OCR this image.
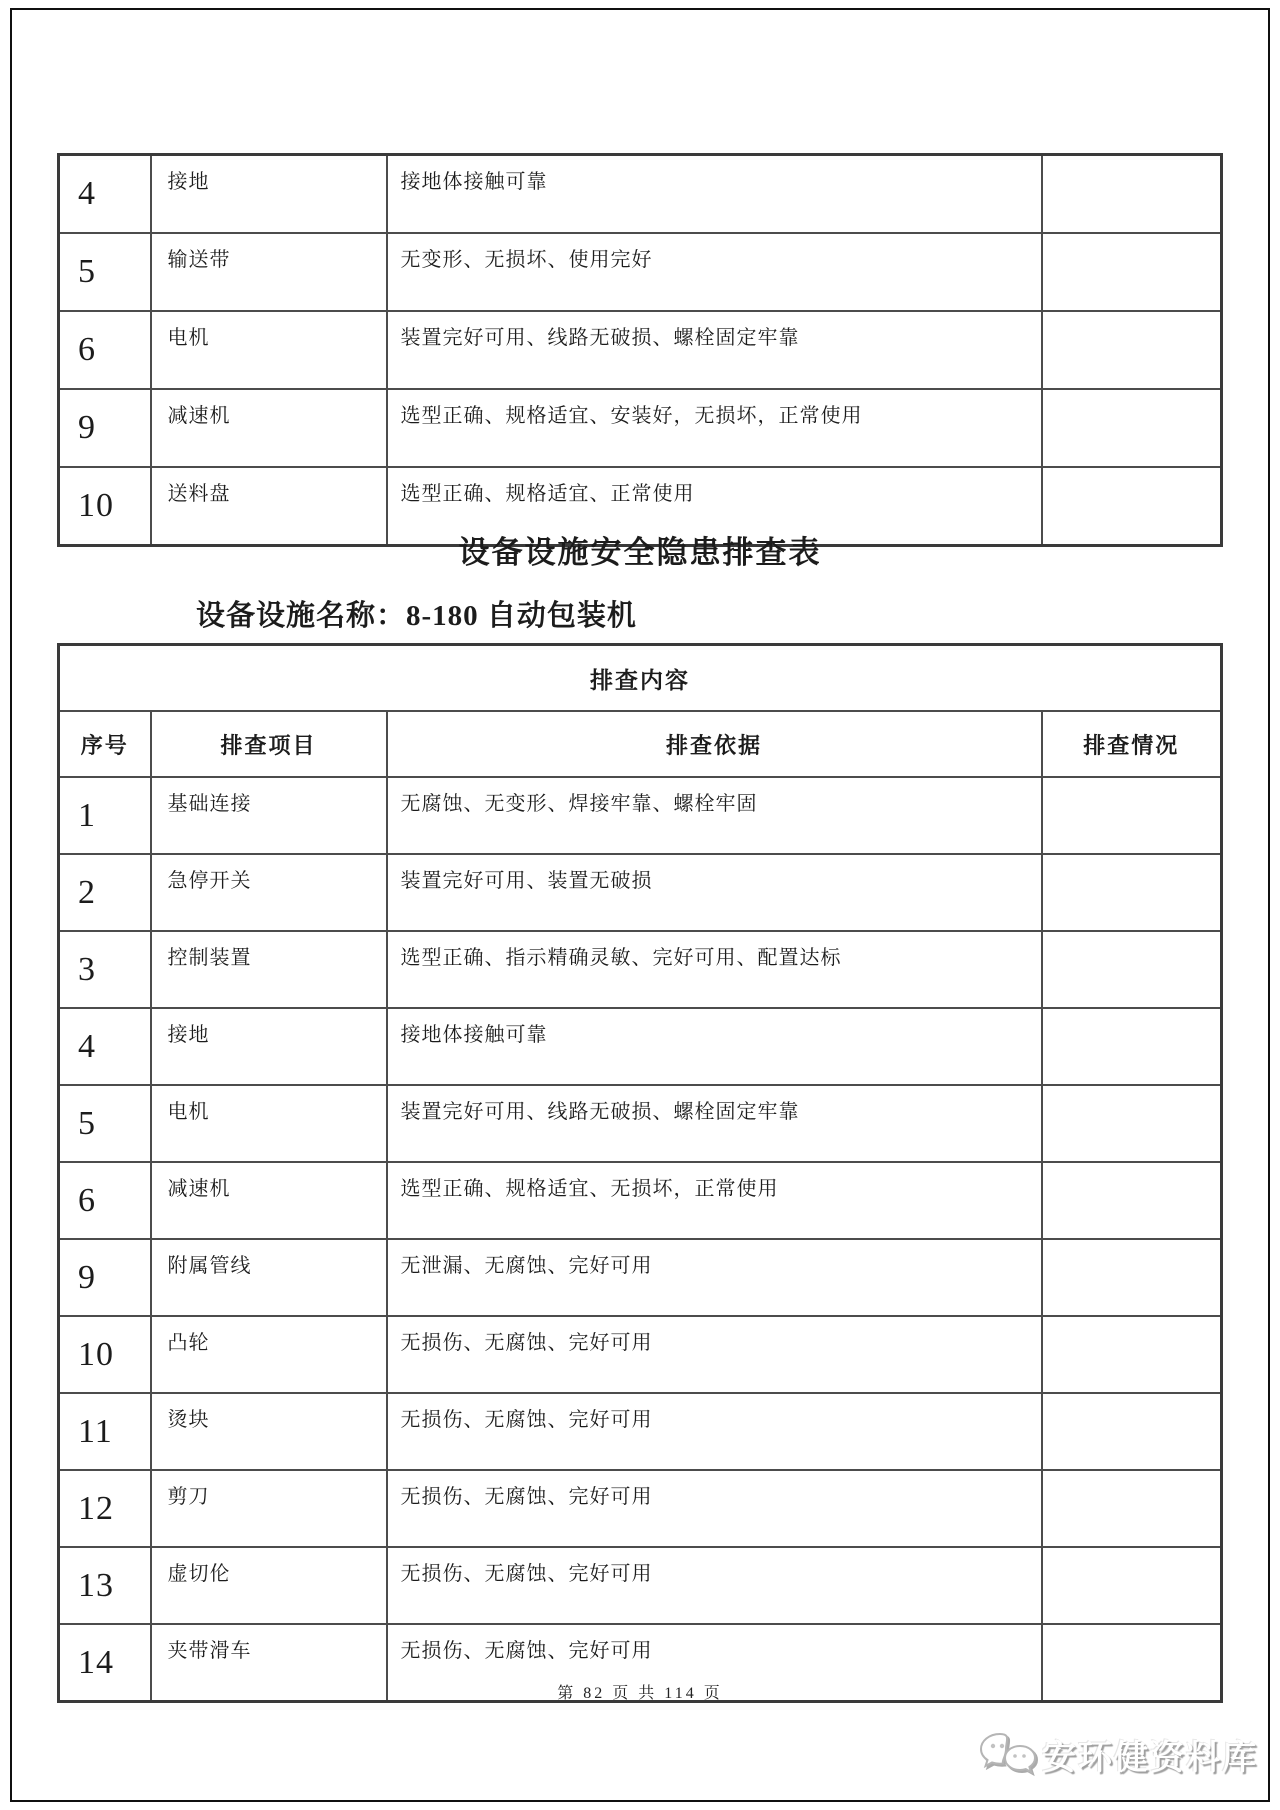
4	接地	接地体接触可靠	
5	输送带	无变形、无损坏、使用完好	
6	电机	装置完好可用、线路无破损、螺栓固定牢靠	
9	减速机	选型正确、规格适宜、安装好，无损坏，正常使用	
10	送料盘	选型正确、规格适宜、正常使用	
设备设施安全隐患排查表
设备设施名称：8-180 自动包装机
排查内容			
序号	排查项目	排查依据	排查情况
1	基础连接	无腐蚀、无变形、焊接牢靠、螺栓牢固	
2	急停开关	装置完好可用、装置无破损	
3	控制装置	选型正确、指示精确灵敏、完好可用、配置达标	
4	接地	接地体接触可靠	
5	电机	装置完好可用、线路无破损、螺栓固定牢靠	
6	减速机	选型正确、规格适宜、无损坏，正常使用	
9	附属管线	无泄漏、无腐蚀、完好可用	
10	凸轮	无损伤、无腐蚀、完好可用	
11	烫块	无损伤、无腐蚀、完好可用	
12	剪刀	无损伤、无腐蚀、完好可用	
13	虚切伦	无损伤、无腐蚀、完好可用	
14	夹带滑车	无损伤、无腐蚀、完好可用	
第 82 页 共 114 页
安环健资料库
